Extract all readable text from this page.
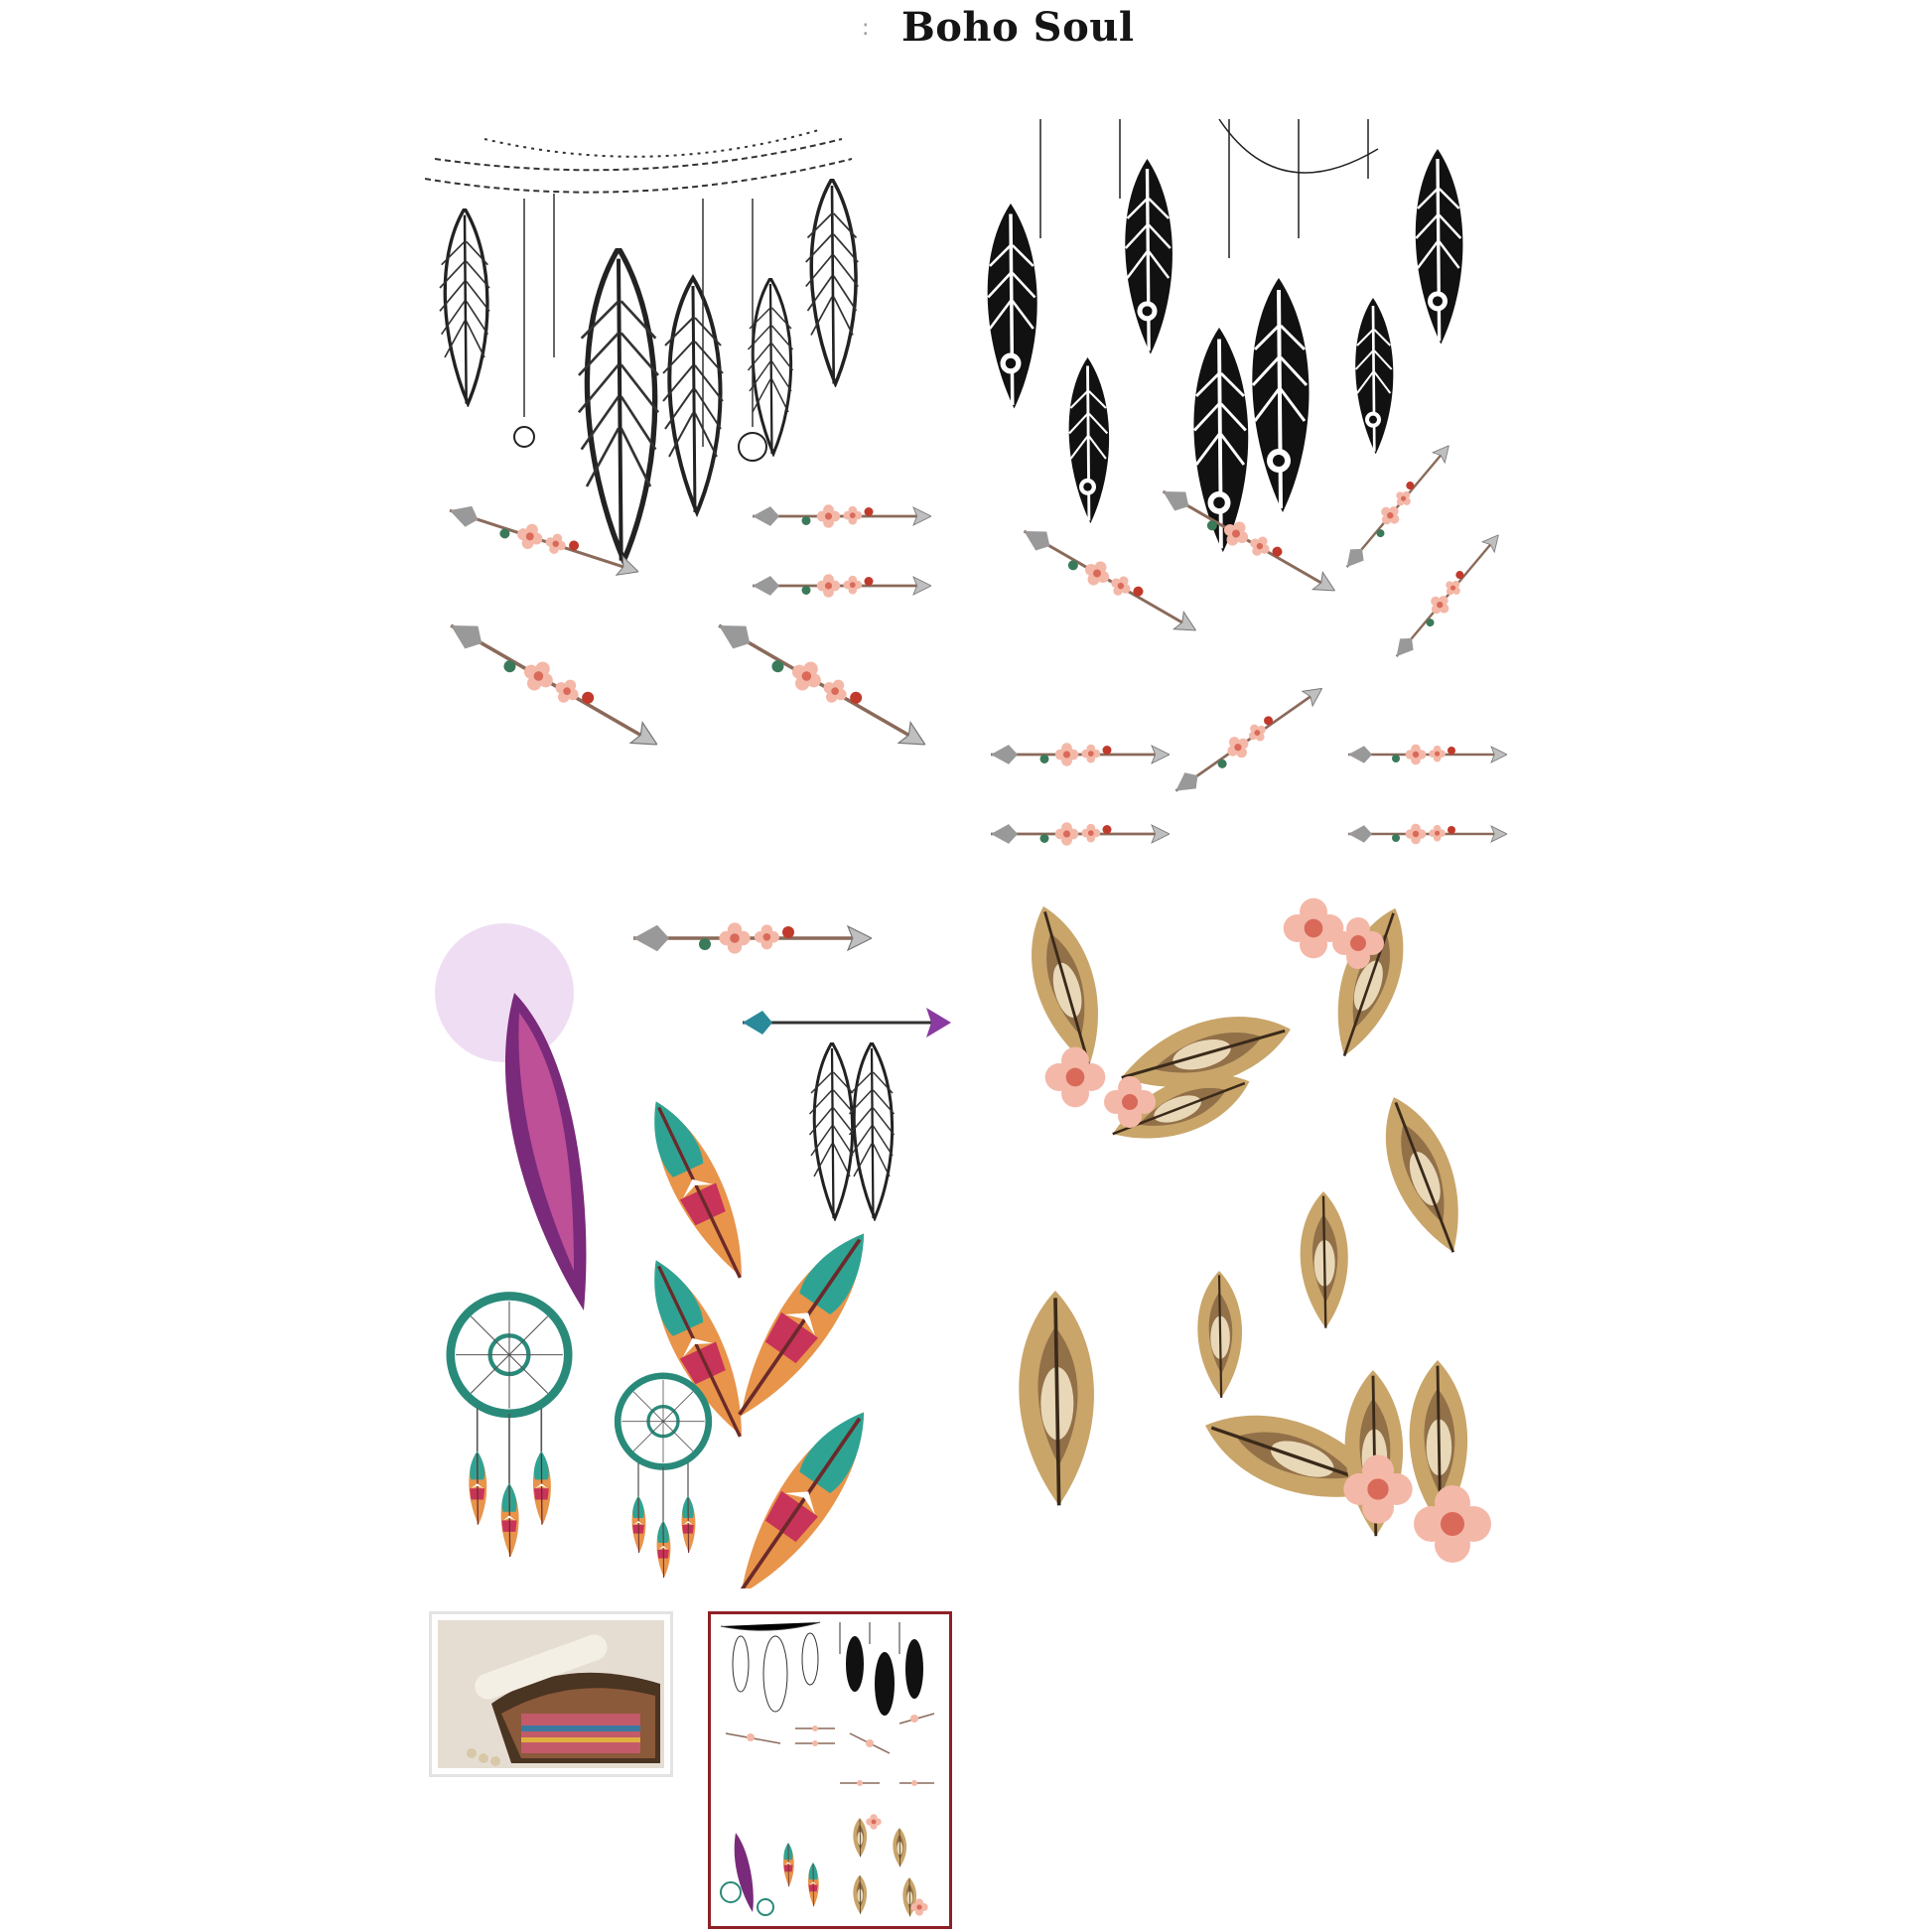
: Boho Soul
